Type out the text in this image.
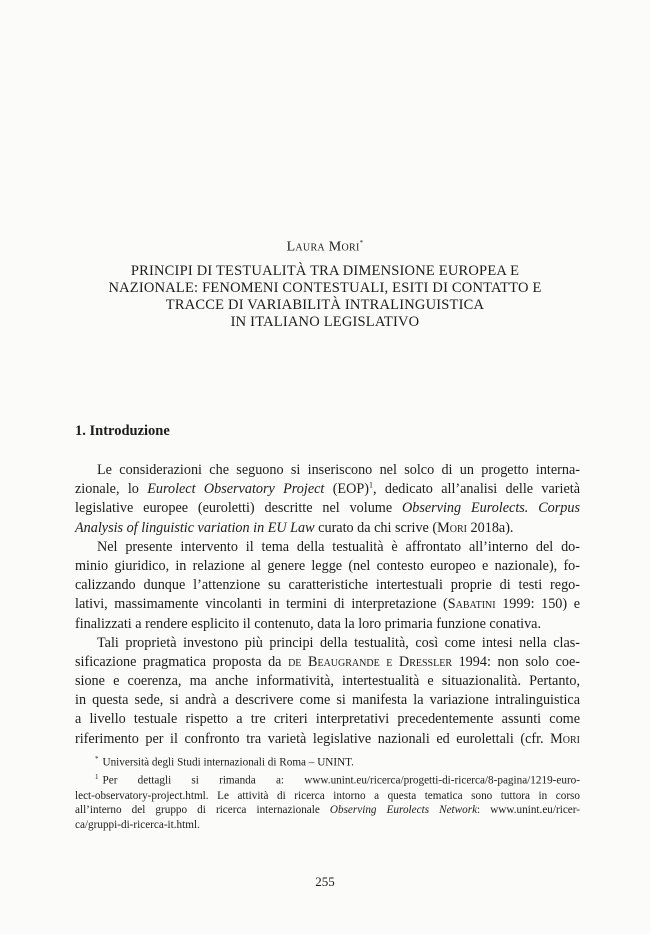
Laura Mori*
PRINCIPI DI TESTUALITÀ TRA DIMENSIONE EUROPEA E
NAZIONALE: FENOMENI CONTESTUALI, ESITI DI CONTATTO E
TRACCE DI VARIABILITÀ INTRALINGUISTICA
IN ITALIANO LEGISLATIVO
1. Introduzione
Le considerazioni che seguono si inseriscono nel solco di un progetto interna-
zionale, lo Eurolect Observatory Project (EOP)$^1$, dedicato all’analisi delle varietà
legislative europee (euroletti) descritte nel volume Observing Eurolects. Corpus
Analysis of linguistic variation in EU Law curato da chi scrive (Mori 2018a).
Nel presente intervento il tema della testualità è affrontato all’interno del do-
minio giuridico, in relazione al genere legge (nel contesto europeo e nazionale), fo-
calizzando dunque l’attenzione su caratteristiche intertestuali proprie di testi rego-
lativi, massimamente vincolanti in termini di interpretazione (Sabatini 1999: 150) e
finalizzati a rendere esplicito il contenuto, data la loro primaria funzione conativa.
Tali proprietà investono più principi della testualità, così come intesi nella clas-
sificazione pragmatica proposta da de Beaugrande e Dressler 1994: non solo coe-
sione e coerenza, ma anche informatività, intertestualità e situazionalità. Pertanto,
in questa sede, si andrà a descrivere come si manifesta la variazione intralinguistica
a livello testuale rispetto a tre criteri interpretativi precedentemente assunti come
riferimento per il confronto tra varietà legislative nazionali ed eurolettali (cfr. Mori
* Università degli Studi internazionali di Roma – UNINT.
$^1$ Per dettagli si rimanda a: www.unint.eu/ricerca/progetti-di-ricerca/8-pagina/1219-euro-
lect-observatory-project.html. Le attività di ricerca intorno a questa tematica sono tuttora in corso
all’interno del gruppo di ricerca internazionale Observing Eurolects Network: www.unint.eu/ricer-
ca/gruppi-di-ricerca-it.html.
255
